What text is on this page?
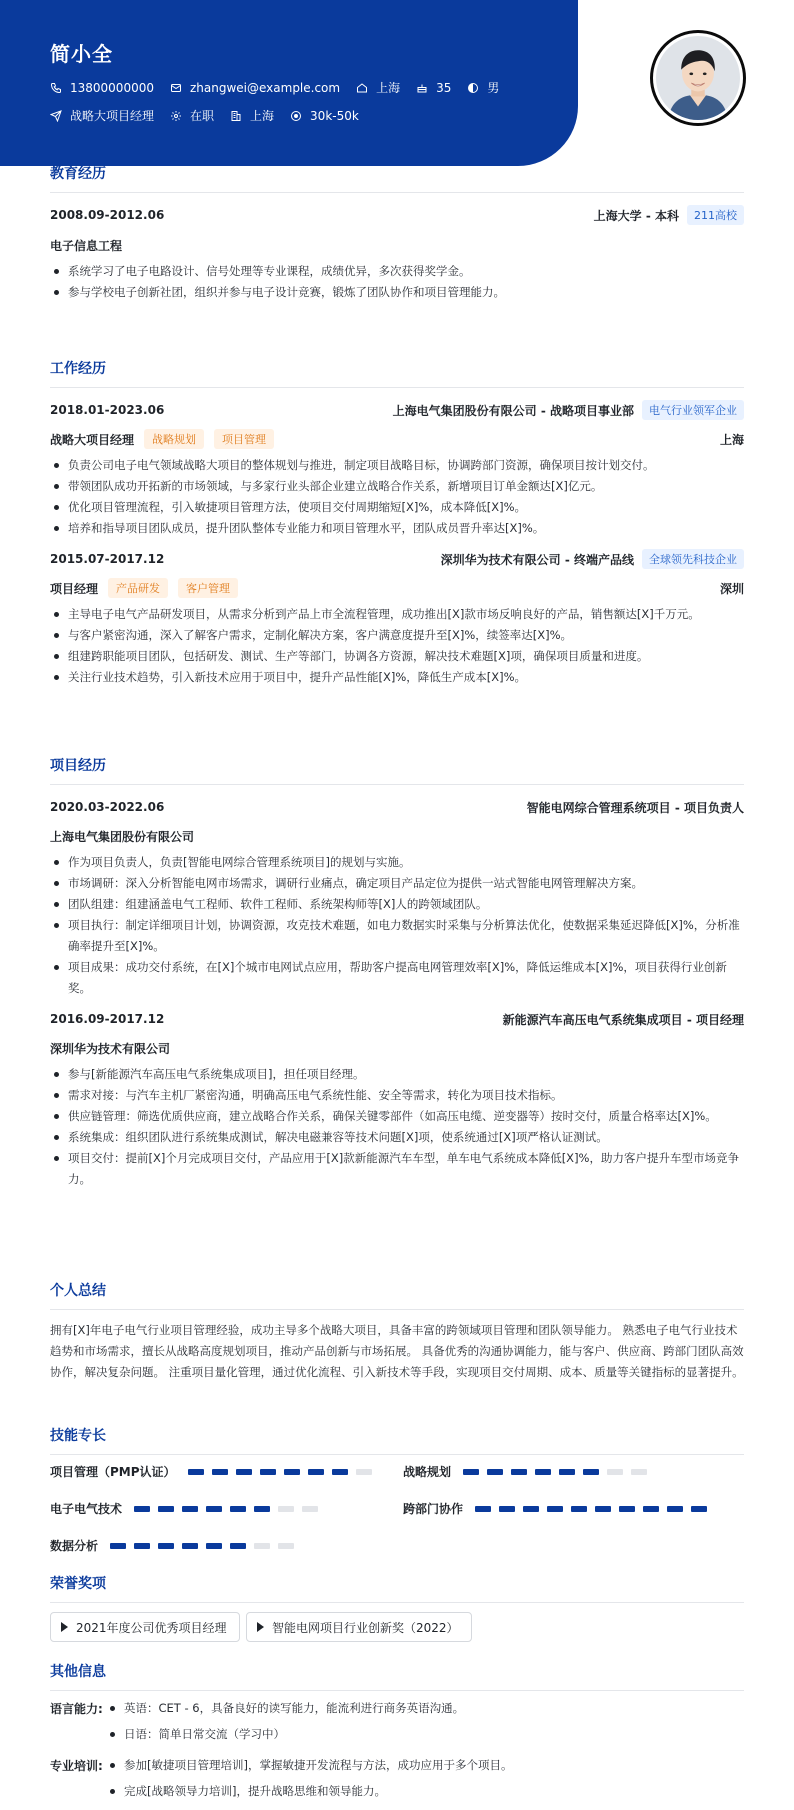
简小全
13800000000	zhangwei@example.com	上海	35	男
战略大项目经理	在职	上海	30k-50k
教育经历
2008.09-2012.06	上海大学 - 本科	211高校
电子信息工程
系统学习了电子电路设计、信号处理等专业课程，成绩优异，多次获得奖学金。
参与学校电子创新社团，组织并参与电子设计竞赛，锻炼了团队协作和项目管理能力。
工作经历
2018.01-2023.06	上海电气集团股份有限公司 - 战略项目事业部	电气行业领军企业
战略大项目经理	战略规划	项目管理	上海
负责公司电子电气领域战略大项目的整体规划与推进，制定项目战略目标，协调跨部门资源，确保项目按计划交付。
带领团队成功开拓新的市场领域，与多家行业头部企业建立战略合作关系，新增项目订单金额达[X]亿元。
优化项目管理流程，引入敏捷项目管理方法，使项目交付周期缩短[X]%，成本降低[X]%。
培养和指导项目团队成员，提升团队整体专业能力和项目管理水平，团队成员晋升率达[X]%。
2015.07-2017.12	深圳华为技术有限公司 - 终端产品线	全球领先科技企业
项目经理	产品研发	客户管理	深圳
主导电子电气产品研发项目，从需求分析到产品上市全流程管理，成功推出[X]款市场反响良好的产品，销售额达[X]千万元。
与客户紧密沟通，深入了解客户需求，定制化解决方案，客户满意度提升至[X]%，续签率达[X]%。
组建跨职能项目团队，包括研发、测试、生产等部门，协调各方资源，解决技术难题[X]项，确保项目质量和进度。
关注行业技术趋势，引入新技术应用于项目中，提升产品性能[X]%，降低生产成本[X]%。
项目经历
2020.03-2022.06	智能电网综合管理系统项目 - 项目负责人
上海电气集团股份有限公司
作为项目负责人，负责[智能电网综合管理系统项目]的规划与实施。
市场调研：深入分析智能电网市场需求，调研行业痛点，确定项目产品定位为提供一站式智能电网管理解决方案。
团队组建：组建涵盖电气工程师、软件工程师、系统架构师等[X]人的跨领域团队。
项目执行：制定详细项目计划，协调资源，攻克技术难题，如电力数据实时采集与分析算法优化，使数据采集延迟降低[X]%，分析准确率提升至[X]%。
项目成果：成功交付系统，在[X]个城市电网试点应用，帮助客户提高电网管理效率[X]%，降低运维成本[X]%，项目获得行业创新奖。
2016.09-2017.12	新能源汽车高压电气系统集成项目 - 项目经理
深圳华为技术有限公司
参与[新能源汽车高压电气系统集成项目]，担任项目经理。
需求对接：与汽车主机厂紧密沟通，明确高压电气系统性能、安全等需求，转化为项目技术指标。
供应链管理：筛选优质供应商，建立战略合作关系，确保关键零部件（如高压电缆、逆变器等）按时交付，质量合格率达[X]%。
系统集成：组织团队进行系统集成测试，解决电磁兼容等技术问题[X]项，使系统通过[X]项严格认证测试。
项目交付：提前[X]个月完成项目交付，产品应用于[X]款新能源汽车车型，单车电气系统成本降低[X]%，助力客户提升车型市场竞争力。
个人总结
拥有[X]年电子电气行业项目管理经验，成功主导多个战略大项目，具备丰富的跨领域项目管理和团队领导能力。 熟悉电子电气行业技术趋势和市场需求，擅长从战略高度规划项目，推动产品创新与市场拓展。 具备优秀的沟通协调能力，能与客户、供应商、跨部门团队高效协作，解决复杂问题。 注重项目量化管理，通过优化流程、引入新技术等手段，实现项目交付周期、成本、质量等关键指标的显著提升。
技能专长
项目管理（PMP认证）	战略规划
电子电气技术	跨部门协作
数据分析
荣誉奖项
2021年度公司优秀项目经理	智能电网项目行业创新奖（2022）
其他信息
语言能力:	英语：CET - 6，具备良好的读写能力，能流利进行商务英语沟通。
日语：简单日常交流（学习中）
专业培训:	参加[敏捷项目管理培训]，掌握敏捷开发流程与方法，成功应用于多个项目。
完成[战略领导力培训]，提升战略思维和领导能力。
